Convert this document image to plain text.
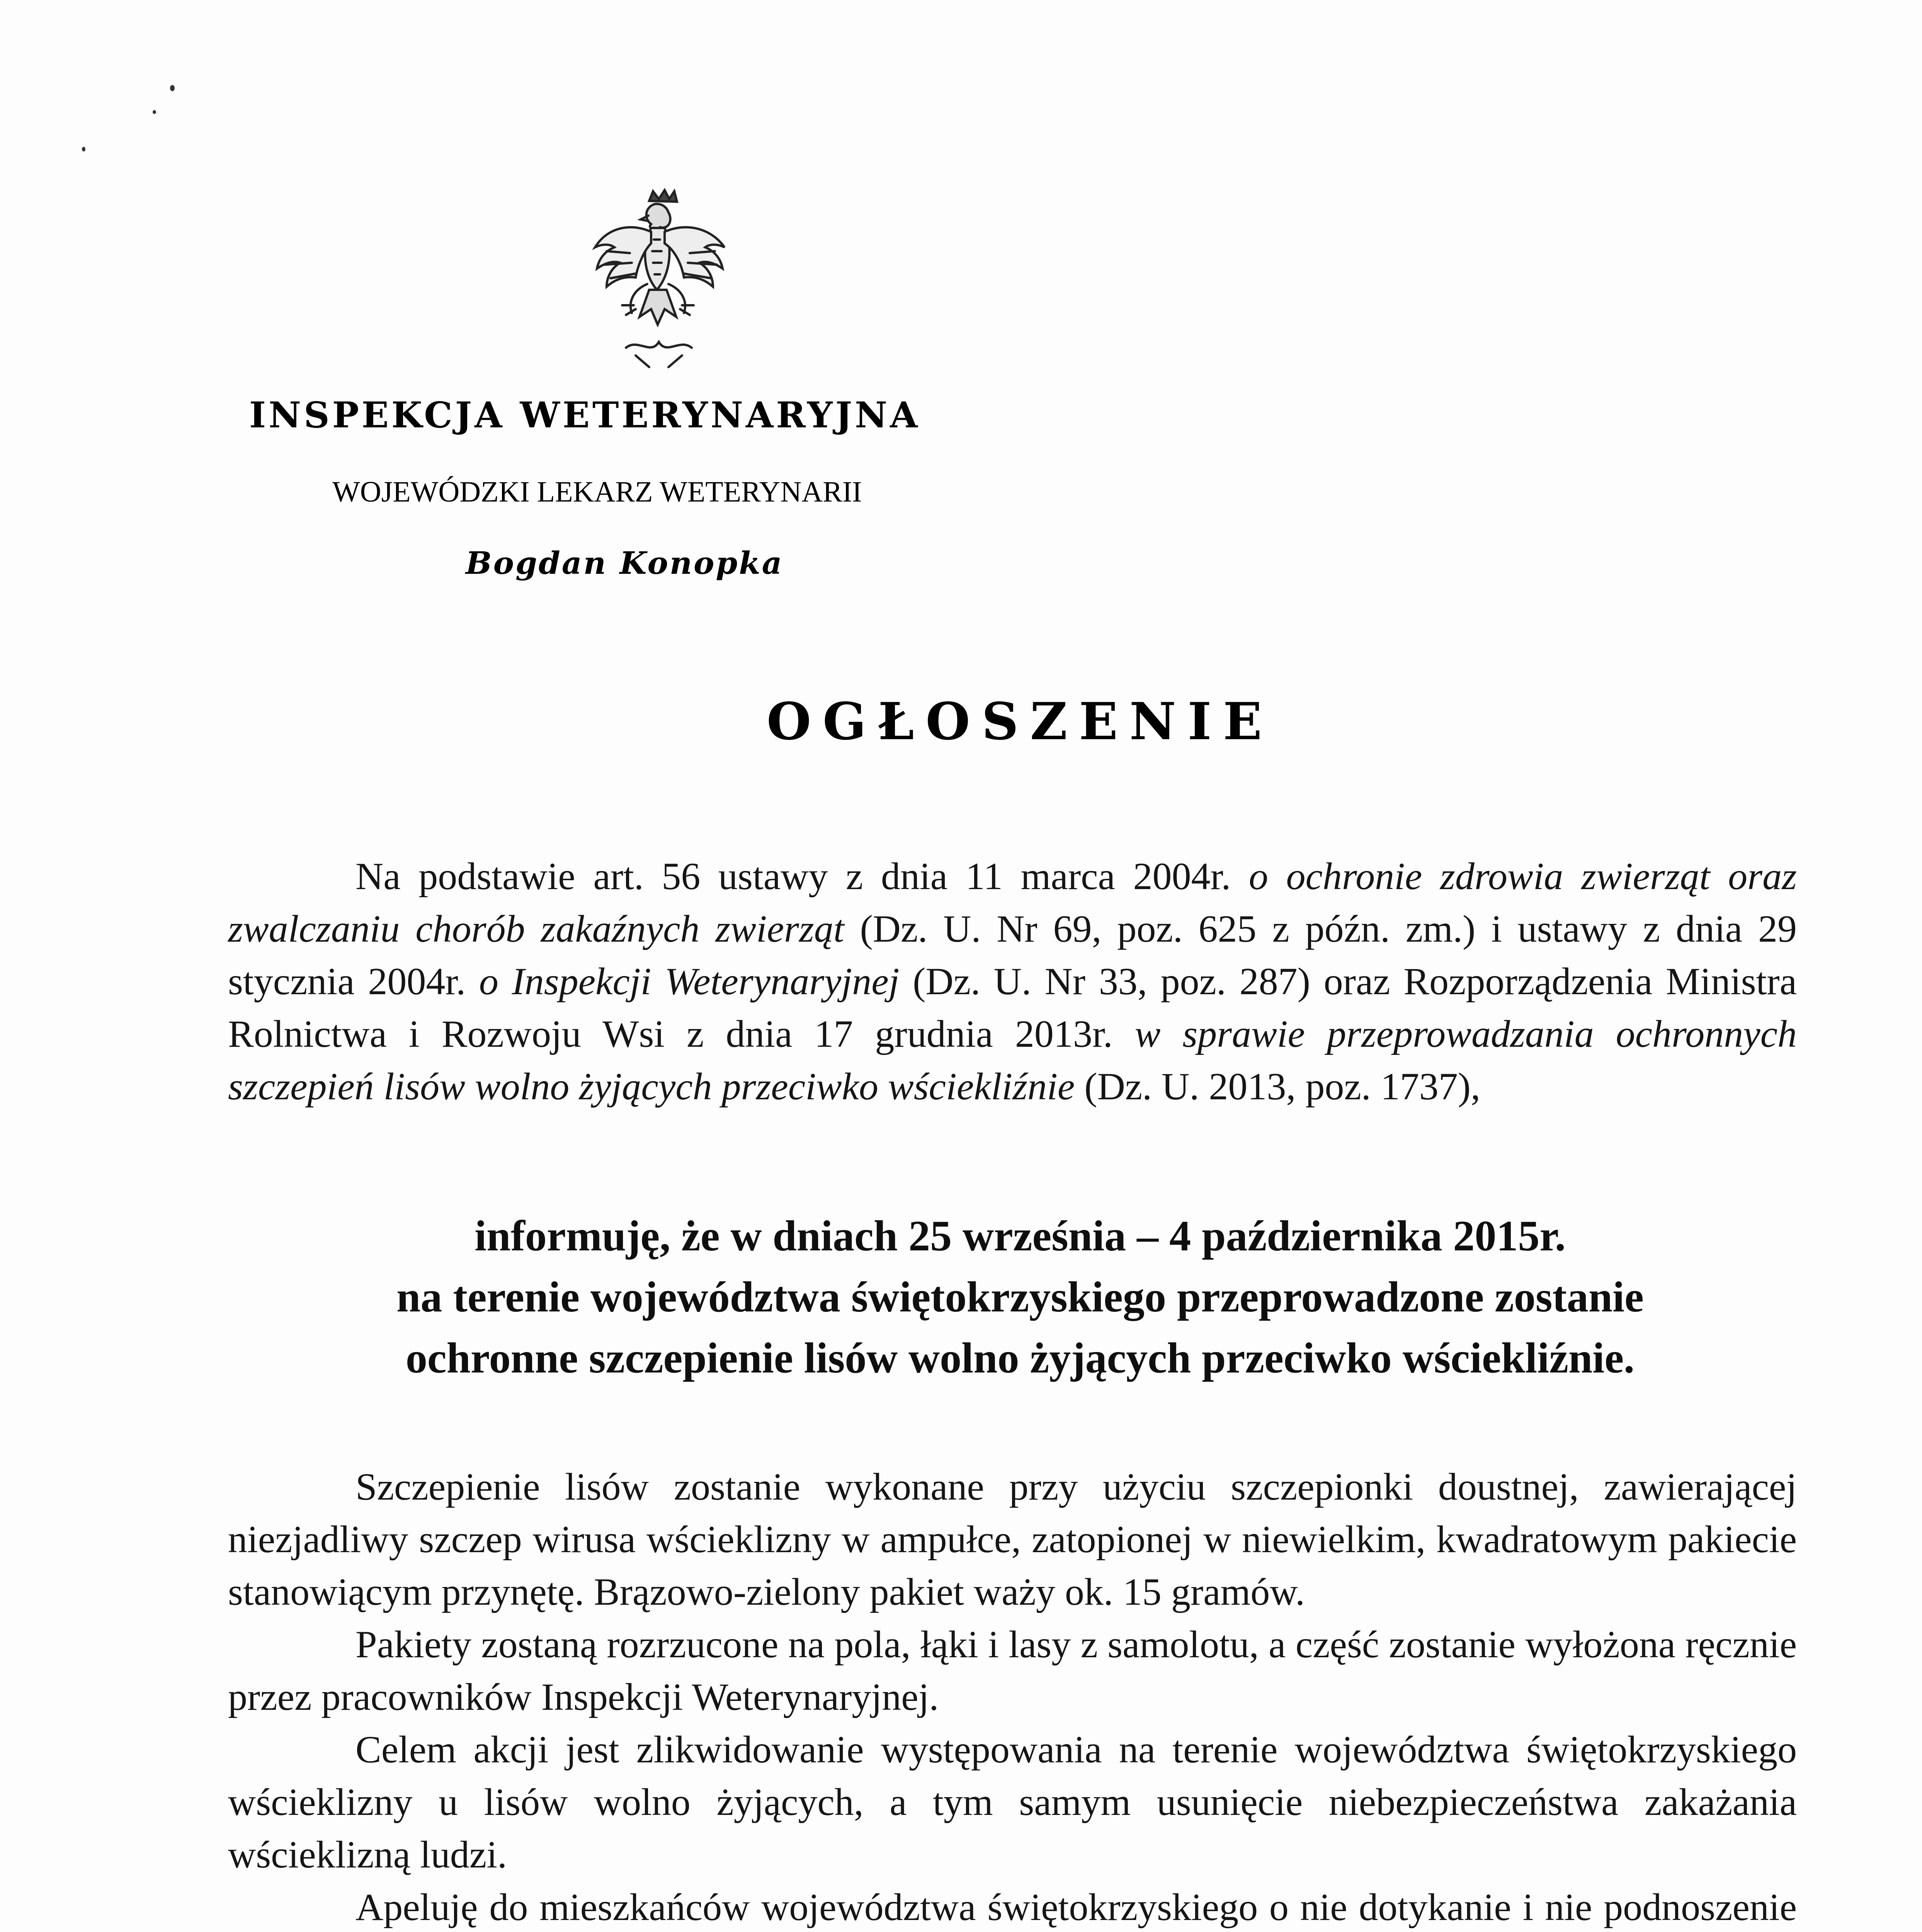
INSPEKCJA WETERYNARYJNA
WOJEWÓDZKI LEKARZ WETERYNARII
Bogdan Konopka
OGŁOSZENIE
Na podstawie art. 56 ustawy z dnia 11 marca 2004r. o ochronie zdrowia zwierząt oraz zwalczaniu chorób zakaźnych zwierząt (Dz. U. Nr 69, poz. 625 z późn. zm.) i ustawy z dnia 29 stycznia 2004r. o Inspekcji Weterynaryjnej (Dz. U. Nr 33, poz. 287) oraz Rozporządzenia Ministra Rolnictwa i Rozwoju Wsi z dnia 17 grudnia 2013r. w sprawie przeprowadzania ochronnych szczepień lisów wolno żyjących przeciwko wściekliźnie (Dz. U. 2013, poz. 1737),
informuję, że w dniach 25 września – 4 października 2015r.
na terenie województwa świętokrzyskiego przeprowadzone zostanie
ochronne szczepienie lisów wolno żyjących przeciwko wściekliźnie.

Szczepienie lisów zostanie wykonane przy użyciu szczepionki doustnej, zawierającej niezjadliwy szczep wirusa wścieklizny w ampułce, zatopionej w niewielkim, kwadratowym pakiecie stanowiącym przynętę. Brązowo-zielony pakiet waży ok. 15 gramów.

Pakiety zostaną rozrzucone na pola, łąki i lasy z samolotu, a część zostanie wyłożona ręcznie przez pracowników Inspekcji Weterynaryjnej.

Celem akcji jest zlikwidowanie występowania na terenie województwa świętokrzyskiego wścieklizny u lisów wolno żyjących, a tym samym usunięcie niebezpieczeństwa zakażania wścieklizną ludzi.

Apeluję do mieszkańców województwa świętokrzyskiego o nie dotykanie i nie podnoszenie
